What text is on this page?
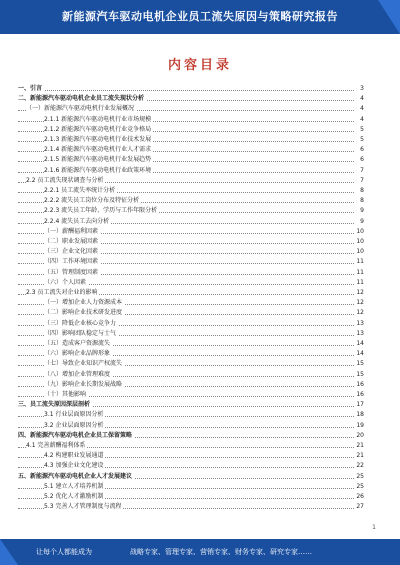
新能源汽车驱动电机企业员工流失原因与策略研究报告
内容目录
一、引言	3
二、新能源汽车驱动电机企业员工流失现状分析	4
（一）新能源汽车驱动电机行业发展概况	4
2.1.1 新能源汽车驱动电机行业市场规模	4
2.1.2 新能源汽车驱动电机行业竞争格局	5
2.1.3 新能源汽车驱动电机行业技术发展	5
2.1.4 新能源汽车驱动电机行业人才需求	6
2.1.5 新能源汽车驱动电机行业发展趋势	6
2.1.6 新能源汽车驱动电机行业政策环境	7
2.2 员工流失现状调查与分析	7
2.2.1 员工流失率统计分析	8
2.2.2 流失员工岗位分布及特征分析	8
2.2.3 流失员工年龄、学历与工作年限分析	9
2.2.4 流失员工去向分析	9
（一）薪酬福利因素	10
（二）职业发展因素	10
（三）企业文化因素	10
（四）工作环境因素	11
（五）管理制度因素	11
（六）个人因素	11
2.3 员工流失对企业的影响	12
（一）增加企业人力资源成本	12
（二）影响企业技术研发进度	12
（三）降低企业核心竞争力	13
（四）影响团队稳定与士气	13
（五）造成客户资源流失	14
（六）影响企业品牌形象	14
（七）导致企业知识产权流失	15
（八）增加企业管理难度	15
（九）影响企业长期发展战略	16
（十）其他影响	16
三、员工流失原因深层剖析	17
3.1 行业层面原因分析	18
3.2 企业层面原因分析	19
四、新能源汽车驱动电机企业员工保留策略	20
4.1 完善薪酬福利体系	21
4.2 构建职业发展通道	21
4.3 加强企业文化建设	22
五、新能源汽车驱动电机企业人才发展建议	25
5.1 建立人才培养机制	25
5.2 优化人才激励机制	26
5.3 完善人才管理制度与流程	27
1
让每个人都能成为	战略专家、管理专家、营销专家、财务专家、研究专家……
